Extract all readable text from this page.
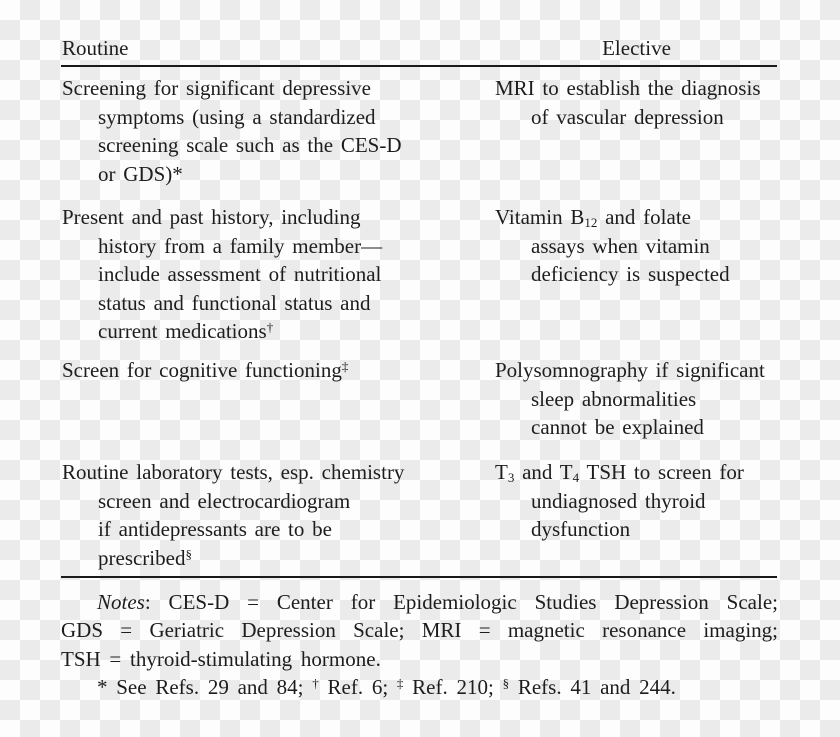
Routine	Elective
Screening for significant depressive
symptoms (using a standardized
screening scale such as the CES-D
or GDS)*
MRI to establish the diagnosis
of vascular depression
Present and past history, including
history from a family member—
include assessment of nutritional
status and functional status and
current medications†
Vitamin $B_{12}$ and folate
assays when vitamin
deficiency is suspected
Screen for cognitive functioning‡	Polysomnography if significant
sleep abnormalities
cannot be explained
Routine laboratory tests, esp. chemistry
screen and electrocardiogram
if antidepressants are to be
prescribed§
$T_3$ and $T_4$ TSH to screen for
undiagnosed thyroid
dysfunction
Notes: CES-D = Center for Epidemiologic Studies Depression Scale;
GDS = Geriatric Depression Scale; MRI = magnetic resonance imaging;
TSH = thyroid-stimulating hormone.
* See Refs. 29 and 84; † Ref. 6; ‡ Ref. 210; § Refs. 41 and 244.
